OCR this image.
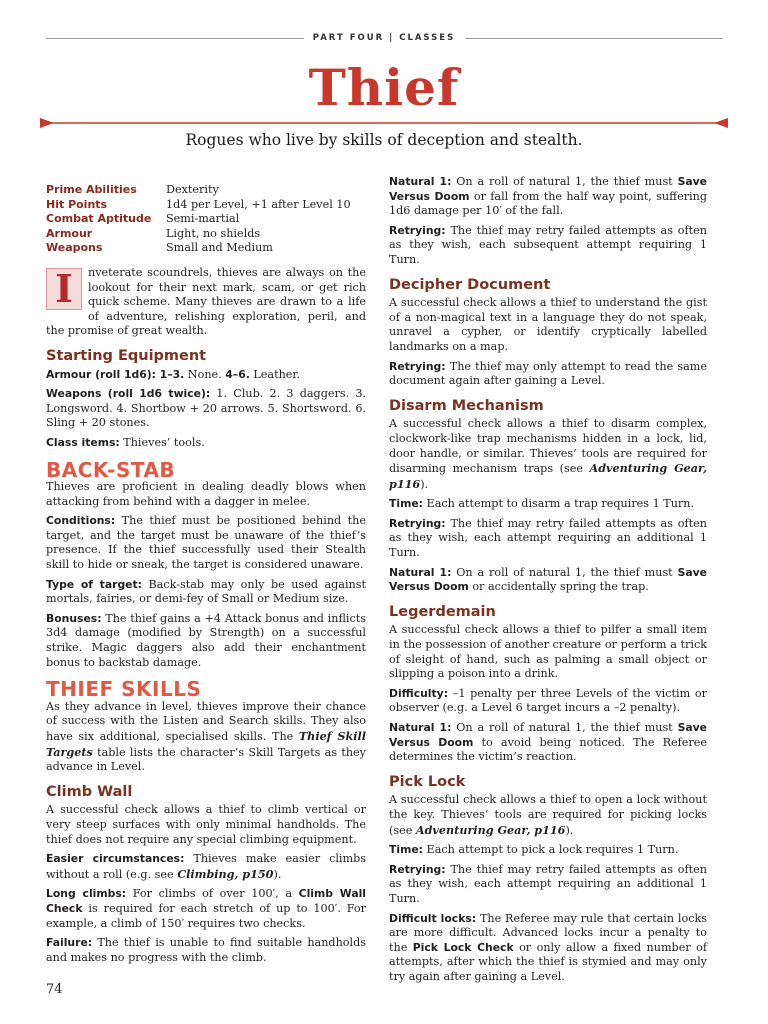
PART FOUR | CLASSES
Thief
Rogues who live by skills of deception and stealth.
Prime Abilities	Dexterity
Hit Points	1d4 per Level, +1 after Level 10
Combat Aptitude	Semi-martial
Armour	Light, no shields
Weapons	Small and Medium

I	nveterate scoundrels, thieves are always on the lookout for their next mark, scam, or get rich quick scheme. Many thieves are drawn to a life of adventure, relishing exploration, peril, and the promise of great wealth.

Starting Equipment

Armour (roll 1d6): 1–3. None. 4–6. Leather.

Weapons (roll 1d6 twice): 1. Club. 2. 3 daggers. 3. Longsword. 4. Shortbow + 20 arrows. 5. Shortsword. 6. Sling + 20 stones.

Class items: Thieves’ tools.

BACK-STAB

Thieves are proficient in dealing deadly blows when attacking from behind with a dagger in melee.

Conditions: The thief must be positioned behind the target, and the target must be unaware of the thief’s presence. If the thief successfully used their Stealth skill to hide or sneak, the target is considered unaware.

Type of target: Back-stab may only be used against mortals, fairies, or demi-fey of Small or Medium size.

Bonuses: The thief gains a +4 Attack bonus and inflicts 3d4 damage (modified by Strength) on a successful strike. Magic daggers also add their enchantment bonus to backstab damage.

THIEF SKILLS

As they advance in level, thieves improve their chance of success with the Listen and Search skills. They also have six additional, specialised skills. The Thief Skill Targets table lists the character’s Skill Targets as they advance in Level.

Climb Wall

A successful check allows a thief to climb vertical or very steep surfaces with only minimal handholds. The thief does not require any special climbing equipment.

Easier circumstances: Thieves make easier climbs without a roll (e.g. see Climbing, p150).

Long climbs: For climbs of over 100′, a Climb Wall Check is required for each stretch of up to 100′. For example, a climb of 150′ requires two checks.

Failure: The thief is unable to find suitable handholds and makes no progress with the climb.

Natural 1: On a roll of natural 1, the thief must Save Versus Doom or fall from the half way point, suffering 1d6 damage per 10′ of the fall.

Retrying: The thief may retry failed attempts as often as they wish, each subsequent attempt requiring 1 Turn.

Decipher Document

A successful check allows a thief to understand the gist of a non-magical text in a language they do not speak, unravel a cypher, or identify cryptically labelled landmarks on a map.

Retrying: The thief may only attempt to read the same document again after gaining a Level.

Disarm Mechanism

A successful check allows a thief to disarm complex, clockwork-like trap mechanisms hidden in a lock, lid, door handle, or similar. Thieves’ tools are required for disarming mechanism traps (see Adventuring Gear, p116).

Time: Each attempt to disarm a trap requires 1 Turn.

Retrying: The thief may retry failed attempts as often as they wish, each attempt requiring an additional 1 Turn.

Natural 1: On a roll of natural 1, the thief must Save Versus Doom or accidentally spring the trap.

Legerdemain

A successful check allows a thief to pilfer a small item in the possession of another creature or perform a trick of sleight of hand, such as palming a small object or slipping a poison into a drink.

Difficulty: –1 penalty per three Levels of the victim or observer (e.g. a Level 6 target incurs a –2 penalty).

Natural 1: On a roll of natural 1, the thief must Save Versus Doom to avoid being noticed. The Referee determines the victim’s reaction.

Pick Lock

A successful check allows a thief to open a lock without the key. Thieves’ tools are required for picking locks (see Adventuring Gear, p116).

Time: Each attempt to pick a lock requires 1 Turn.

Retrying: The thief may retry failed attempts as often as they wish, each attempt requiring an additional 1 Turn.

Difficult locks: The Referee may rule that certain locks are more difficult. Advanced locks incur a penalty to the Pick Lock Check or only allow a fixed number of attempts, after which the thief is stymied and may only try again after gaining a Level.

74
